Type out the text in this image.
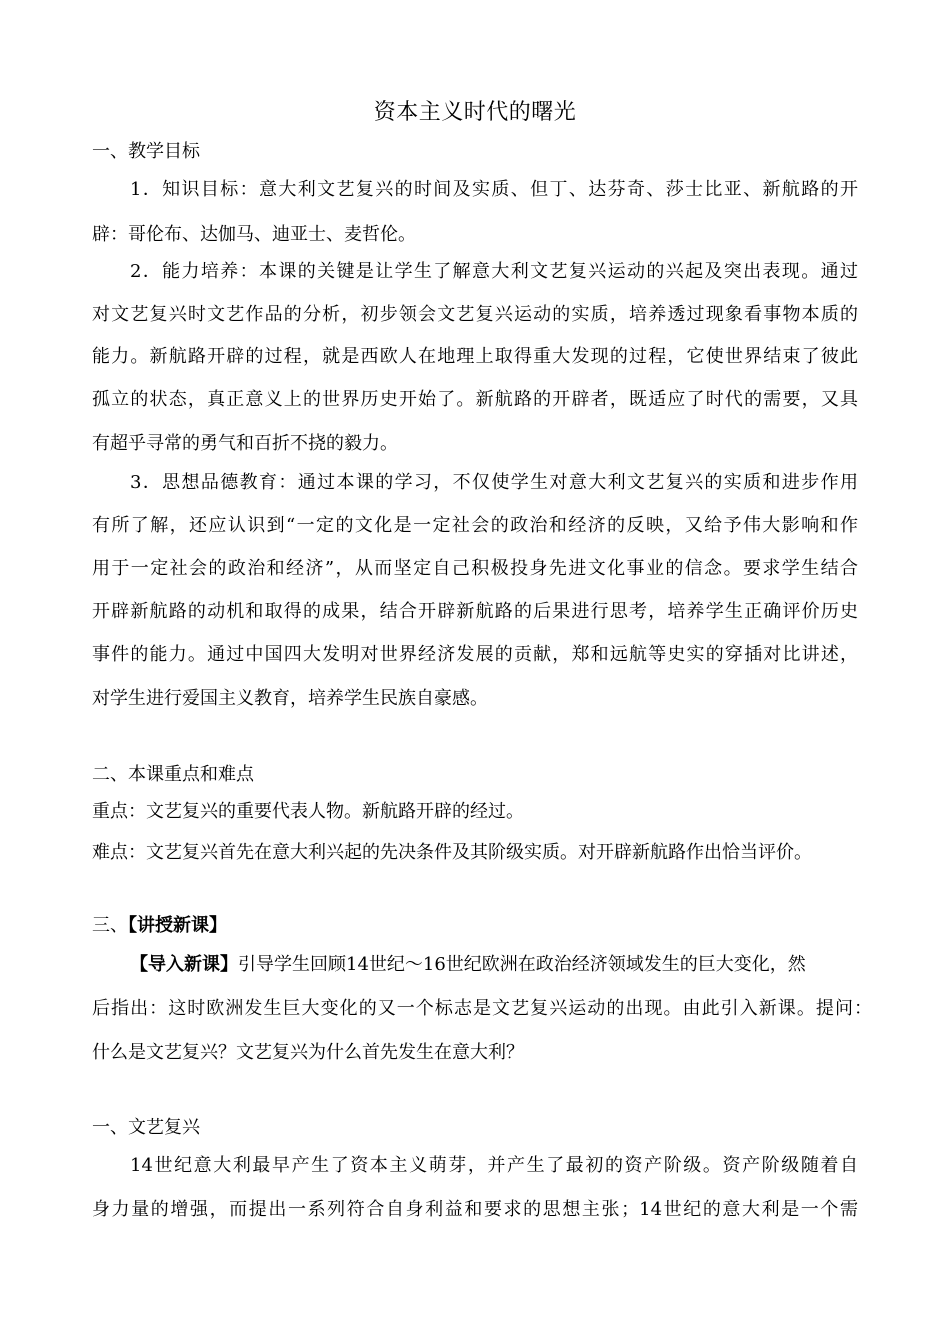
资本主义时代的曙光
一、教学目标
1．知识目标：意大利文艺复兴的时间及实质、但丁、达芬奇、莎士比亚、新航路的开
辟：哥伦布、达伽马、迪亚士、麦哲伦。
2．能力培养：本课的关键是让学生了解意大利文艺复兴运动的兴起及突出表现。通过
对文艺复兴时文艺作品的分析，初步领会文艺复兴运动的实质，培养透过现象看事物本质的
能力。新航路开辟的过程，就是西欧人在地理上取得重大发现的过程，它使世界结束了彼此
孤立的状态，真正意义上的世界历史开始了。新航路的开辟者，既适应了时代的需要，又具
有超乎寻常的勇气和百折不挠的毅力。
3．思想品德教育：通过本课的学习，不仅使学生对意大利文艺复兴的实质和进步作用
有所了解，还应认识到“一定的文化是一定社会的政治和经济的反映，又给予伟大影响和作
用于一定社会的政治和经济”，从而坚定自己积极投身先进文化事业的信念。要求学生结合
开辟新航路的动机和取得的成果，结合开辟新航路的后果进行思考，培养学生正确评价历史
事件的能力。通过中国四大发明对世界经济发展的贡献，郑和远航等史实的穿插对比讲述，
对学生进行爱国主义教育，培养学生民族自豪感。
二、本课重点和难点
重点：文艺复兴的重要代表人物。新航路开辟的经过。
难点：文艺复兴首先在意大利兴起的先决条件及其阶级实质。对开辟新航路作出恰当评价。
三、【讲授新课】
【导入新课】引导学生回顾14世纪～16世纪欧洲在政治经济领域发生的巨大变化，然
后指出：这时欧洲发生巨大变化的又一个标志是文艺复兴运动的出现。由此引入新课。提问：
什么是文艺复兴？文艺复兴为什么首先发生在意大利？
一、文艺复兴
14世纪意大利最早产生了资本主义萌芽，并产生了最初的资产阶级。资产阶级随着自
身力量的增强，而提出一系列符合自身利益和要求的思想主张；14世纪的意大利是一个需
